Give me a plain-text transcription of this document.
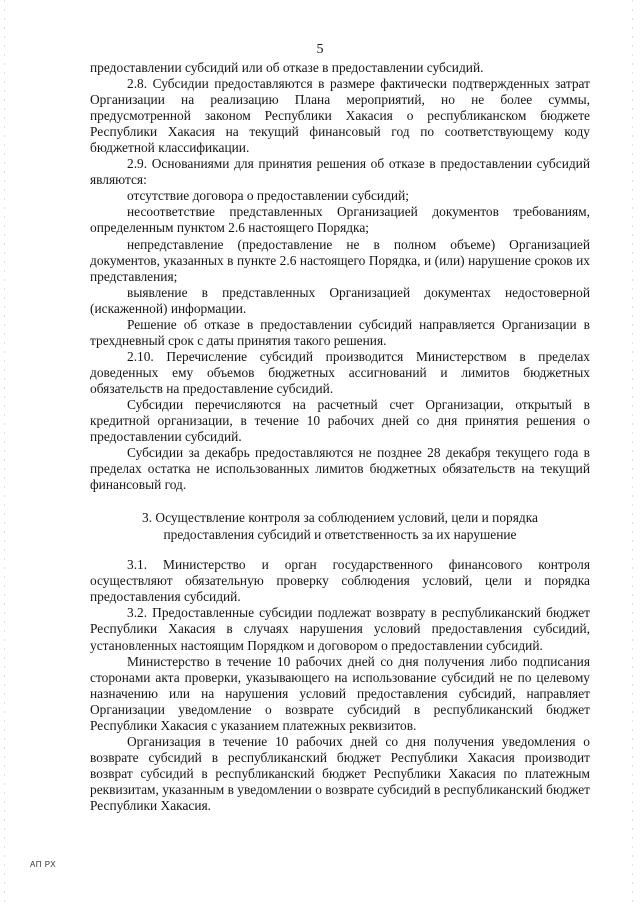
5

предоставлении субсидий или об отказе в предоставлении субсидий.

2.8. Субсидии предоставляются в размере фактически подтвержденных затрат Организации на реализацию Плана мероприятий, но не более суммы, предусмотренной законом Республики Хакасия о республиканском бюджете Республики Хакасия на текущий финансовый год по соответствующему коду бюджетной классификации.

2.9. Основаниями для принятия решения об отказе в предоставлении субсидий являются:

отсутствие договора о предоставлении субсидий;

несоответствие представленных Организацией документов требованиям, определенным пунктом 2.6 настоящего Порядка;

непредставление (предоставление не в полном объеме) Организацией документов, указанных в пункте 2.6 настоящего Порядка, и (или) нарушение сроков их представления;

выявление в представленных Организацией документах недостоверной (искаженной) информации.

Решение об отказе в предоставлении субсидий направляется Организации в трехдневный срок с даты принятия такого решения.

2.10. Перечисление субсидий производится Министерством в пределах доведенных ему объемов бюджетных ассигнований и лимитов бюджетных обязательств на предоставление субсидий.

Субсидии перечисляются на расчетный счет Организации, открытый в кредитной организации, в течение 10 рабочих дней со дня принятия решения о предоставлении субсидий.

Субсидии за декабрь предоставляются не позднее 28 декабря текущего года в пределах остатка не использованных лимитов бюджетных обязательств на текущий финансовый год.

3. Осуществление контроля за соблюдением условий, цели и порядка
предоставления субсидий и ответственность за их нарушение

3.1. Министерство и орган государственного финансового контроля осуществляют обязательную проверку соблюдения условий, цели и порядка предоставления субсидий.

3.2. Предоставленные субсидии подлежат возврату в республиканский бюджет Республики Хакасия в случаях нарушения условий предоставления субсидий, установленных настоящим Порядком и договором о предоставлении субсидий.

Министерство в течение 10 рабочих дней со дня получения либо подписания сторонами акта проверки, указывающего на использование субсидий не по целевому назначению или на нарушения условий предоставления субсидий, направляет Организации уведомление о возврате субсидий в республиканский бюджет Республики Хакасия с указанием платежных реквизитов.

Организация в течение 10 рабочих дней со дня получения уведомления о возврате субсидий в республиканский бюджет Республики Хакасия производит возврат субсидий в республиканский бюджет Республики Хакасия по платежным реквизитам, указанным в уведомлении о возврате субсидий в республиканский бюджет Республики Хакасия.

АП РХ
